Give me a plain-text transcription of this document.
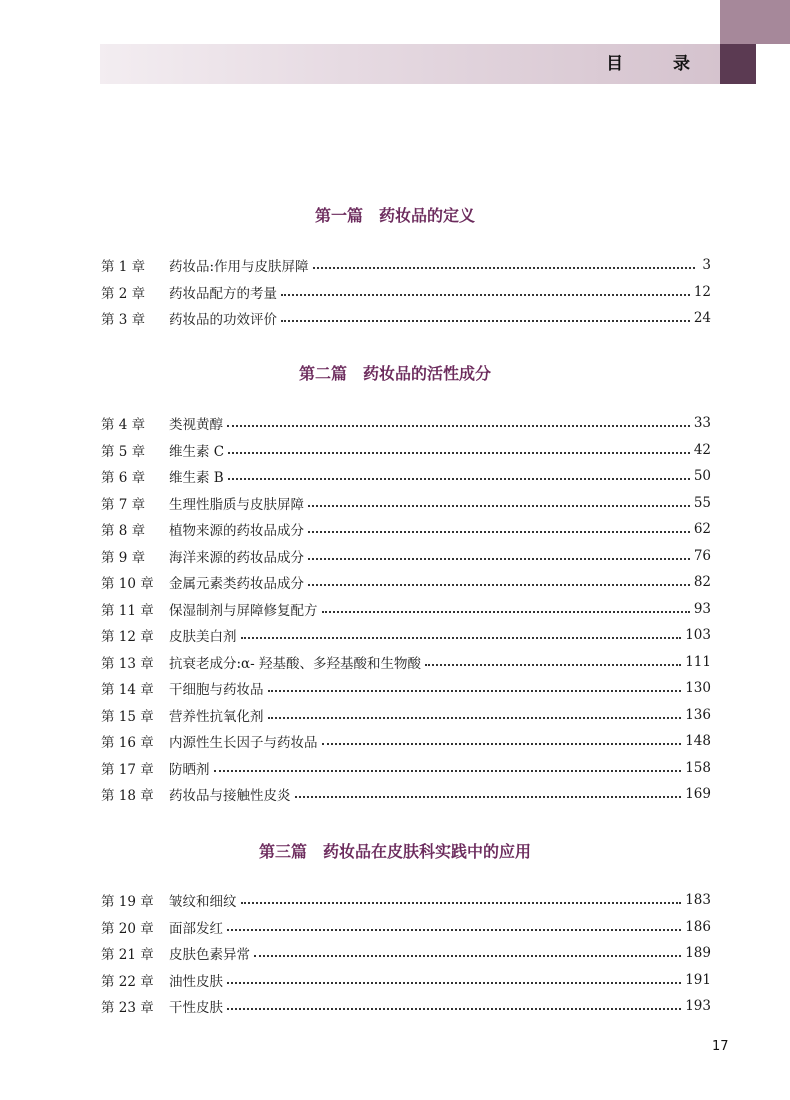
目 录
第一篇 药妆品的定义
第 1 章	药妆品:作用与皮肤屏障	3
第 2 章	药妆品配方的考量	12
第 3 章	药妆品的功效评价	24
第二篇 药妆品的活性成分
第 4 章	类视黄醇	33
第 5 章	维生素 C	42
第 6 章	维生素 B	50
第 7 章	生理性脂质与皮肤屏障	55
第 8 章	植物来源的药妆品成分	62
第 9 章	海洋来源的药妆品成分	76
第 10 章	金属元素类药妆品成分	82
第 11 章	保湿制剂与屏障修复配方	93
第 12 章	皮肤美白剂	103
第 13 章	抗衰老成分:α- 羟基酸、多羟基酸和生物酸	111
第 14 章	干细胞与药妆品	130
第 15 章	营养性抗氧化剂	136
第 16 章	内源性生长因子与药妆品	148
第 17 章	防晒剂	158
第 18 章	药妆品与接触性皮炎	169
第三篇 药妆品在皮肤科实践中的应用
第 19 章	皱纹和细纹	183
第 20 章	面部发红	186
第 21 章	皮肤色素异常	189
第 22 章	油性皮肤	191
第 23 章	干性皮肤	193
17
